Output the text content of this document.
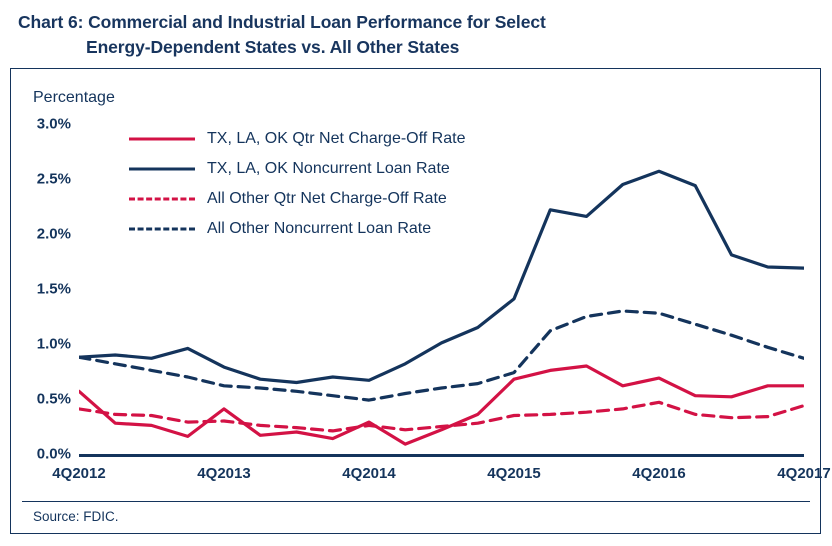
Chart 6: Commercial and Industrial Loan Performance for Select
Energy-Dependent States vs. All Other States
Percentage
TX, LA, OK Qtr Net Charge-Off Rate
TX, LA, OK Noncurrent Loan Rate
All Other Qtr Net Charge-Off Rate
All Other Noncurrent Loan Rate
0.0%
0.5%
1.0%
1.5%
2.0%
2.5%
3.0%
4Q2012	4Q2013	4Q2014	4Q2015	4Q2016	4Q2017
Source: FDIC.
